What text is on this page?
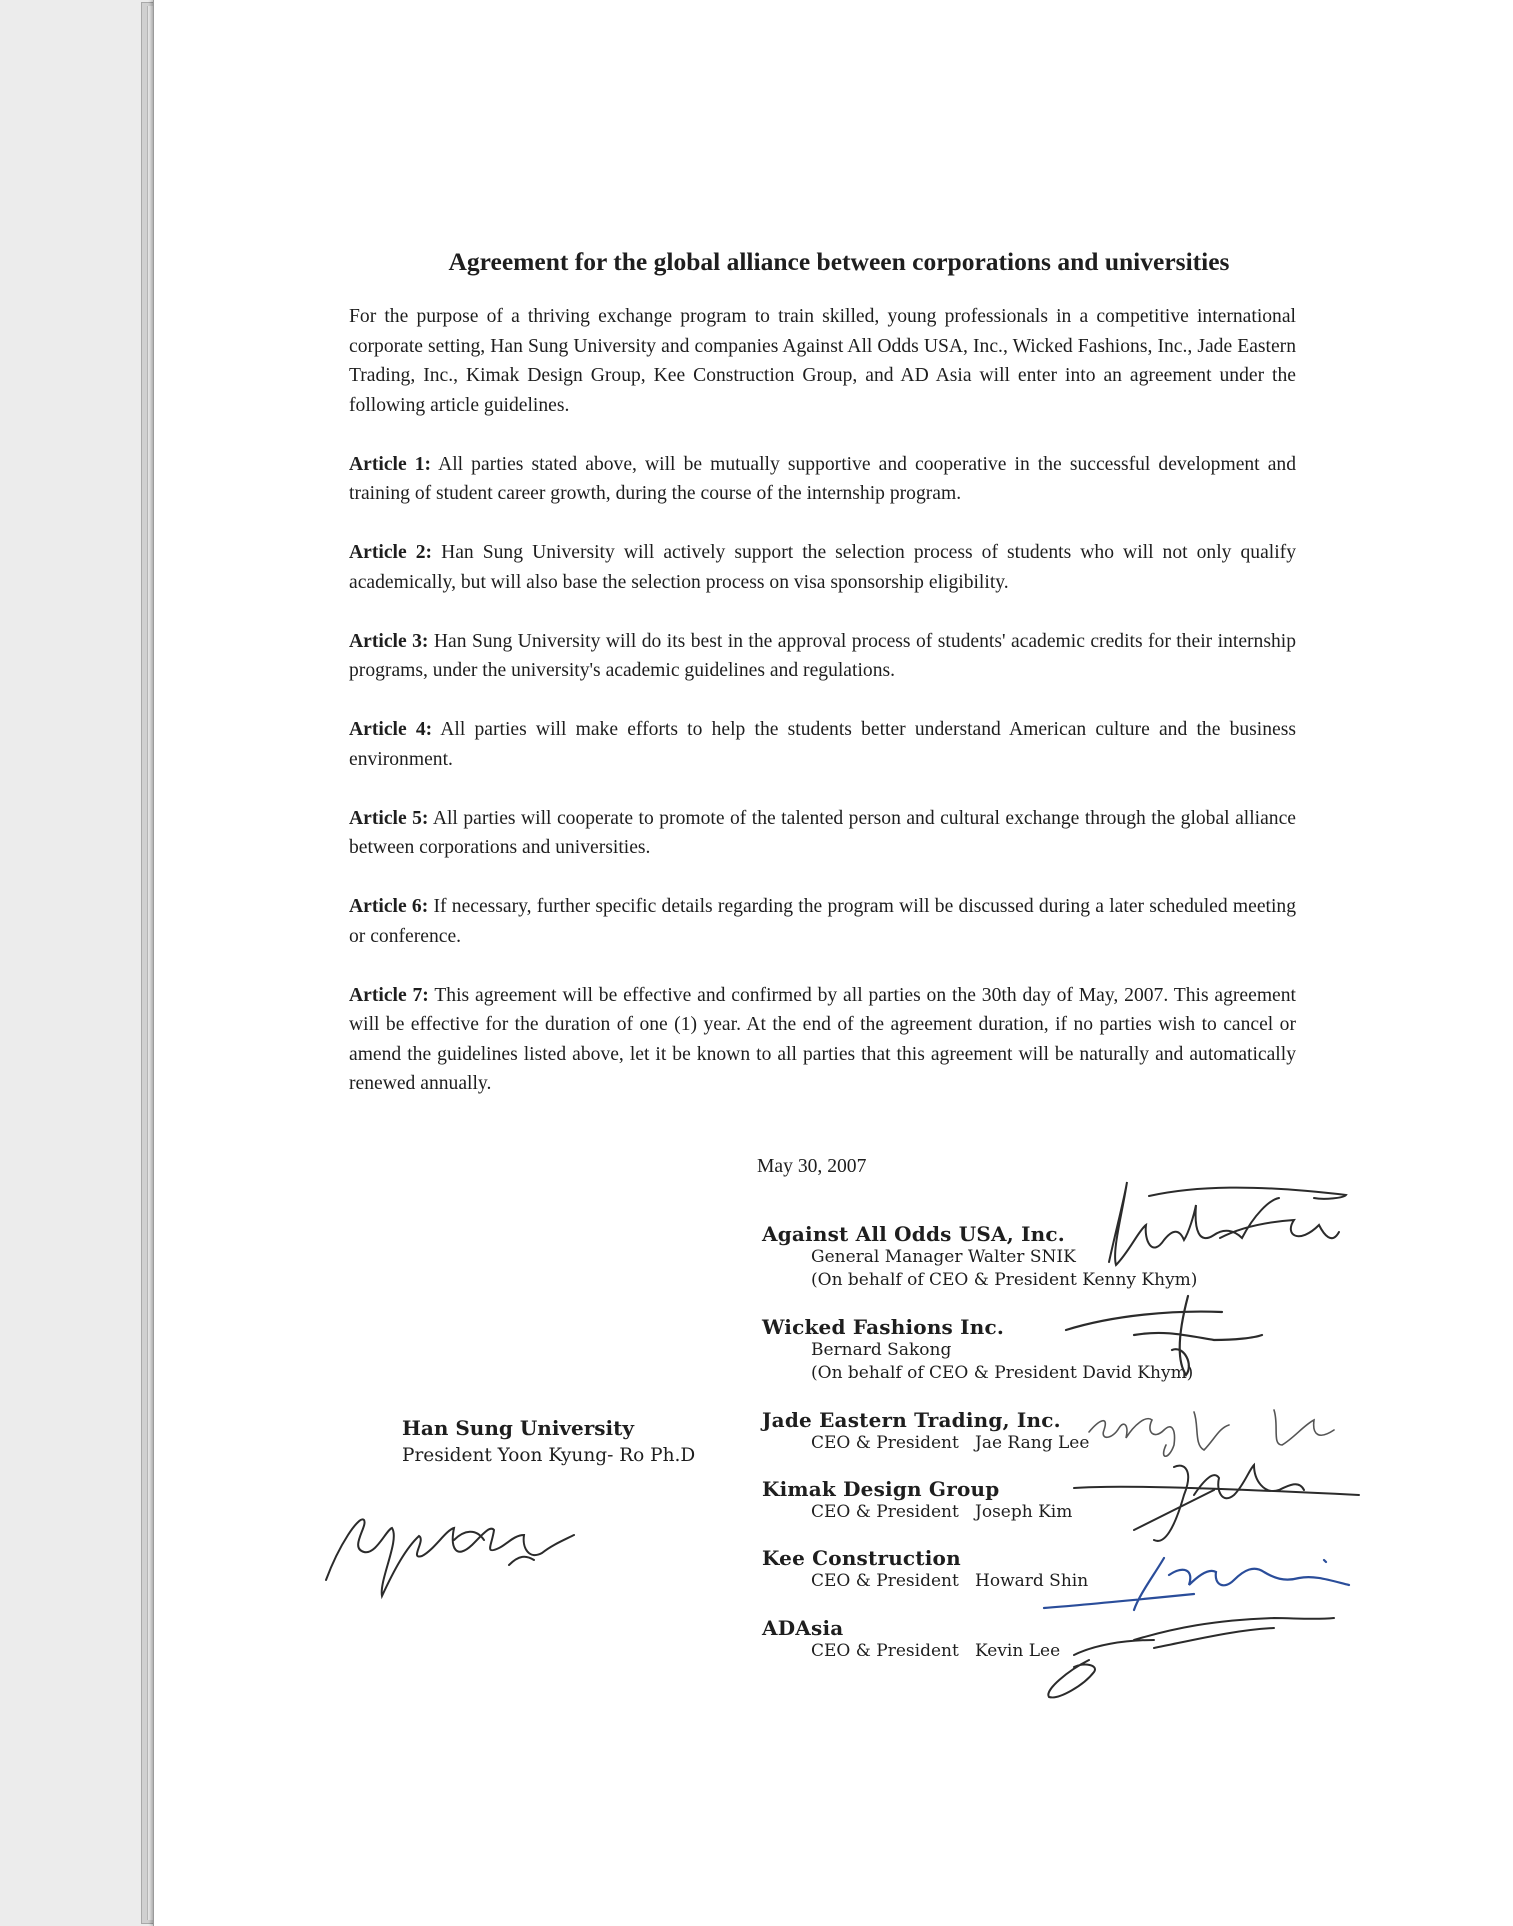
Agreement for the global alliance between corporations and universities

For the purpose of a thriving exchange program to train skilled, young professionals in a competitive international corporate setting, Han Sung University and companies Against All Odds USA, Inc., Wicked Fashions, Inc., Jade Eastern Trading, Inc., Kimak Design Group, Kee Construction Group, and AD Asia will enter into an agreement under the following article guidelines.

Article 1: All parties stated above, will be mutually supportive and cooperative in the successful development and training of student career growth, during the course of the internship program.

Article 2: Han Sung University will actively support the selection process of students who will not only qualify academically, but will also base the selection process on visa sponsorship eligibility.

Article 3: Han Sung University will do its best in the approval process of students' academic credits for their internship programs, under the university's academic guidelines and regulations.

Article 4: All parties will make efforts to help the students better understand American culture and the business environment.

Article 5: All parties will cooperate to promote of the talented person and cultural exchange through the global alliance between corporations and universities.

Article 6: If necessary, further specific details regarding the program will be discussed during a later scheduled meeting or conference.

Article 7: This agreement will be effective and confirmed by all parties on the 30th day of May, 2007. This agreement will be effective for the duration of one (1) year. At the end of the agreement duration, if no parties wish to cancel or amend the guidelines listed above, let it be known to all parties that this agreement will be naturally and automatically renewed annually.

May 30, 2007
Against All Odds USA, Inc.
General Manager Walter SNIK
(On behalf of CEO & President Kenny Khym)
Wicked Fashions Inc.
Bernard Sakong
(On behalf of CEO & President David Khym)
Jade Eastern Trading, Inc.
CEO & President   Jae Rang Lee
Kimak Design Group
CEO & President   Joseph Kim
Kee Construction
CEO & President   Howard Shin
ADAsia
CEO & President   Kevin Lee
Han Sung University
President Yoon Kyung- Ro Ph.D
